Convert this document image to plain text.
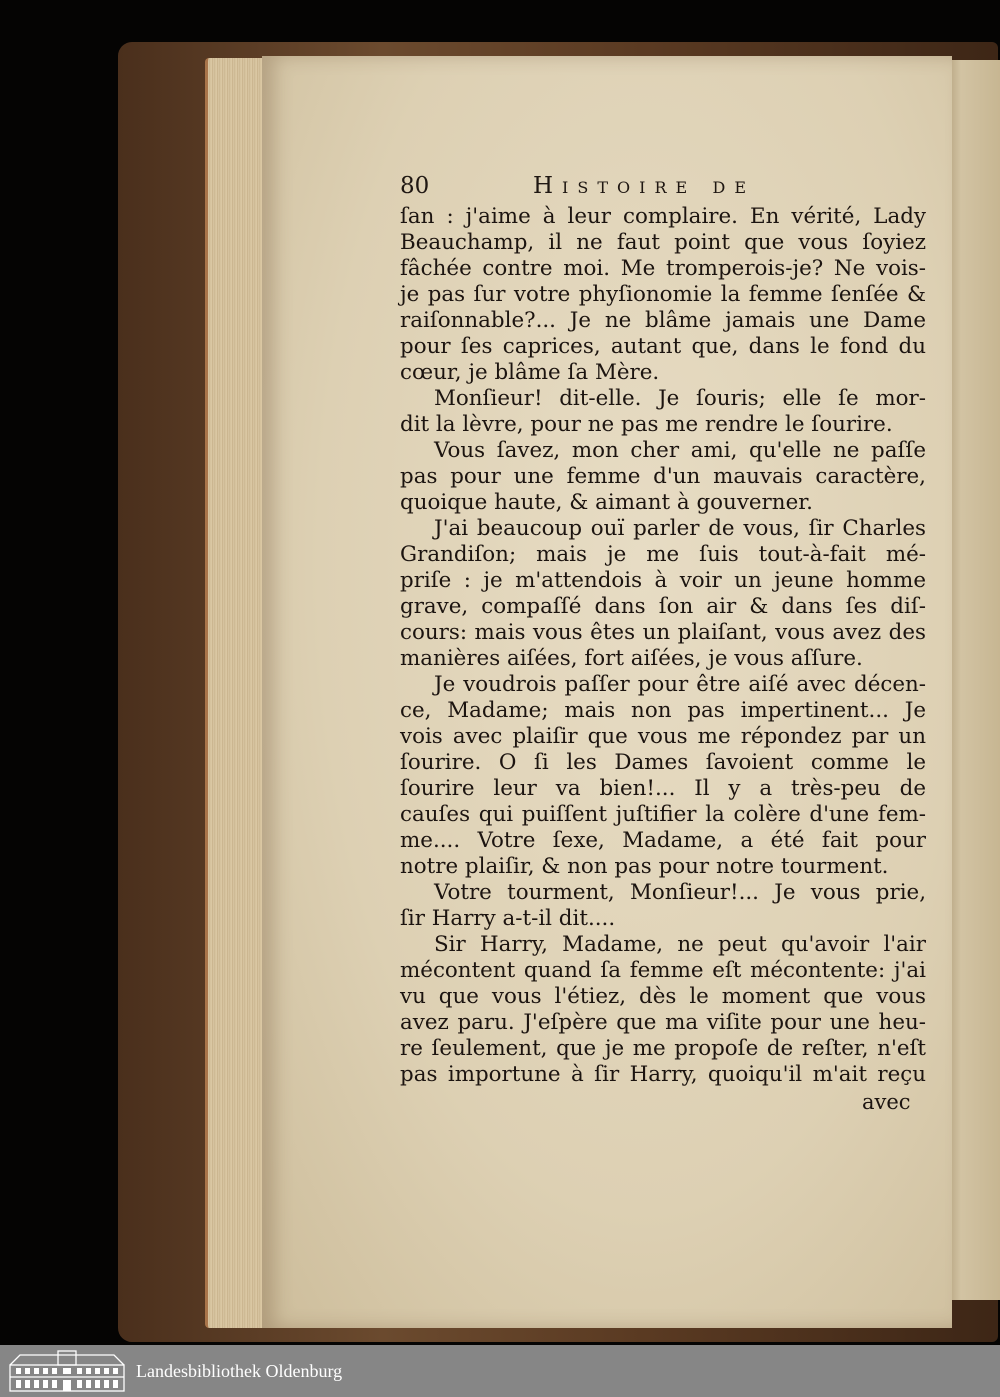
80	Histoire de
ſan : j'aime à leur complaire. En vérité, Lady
Beauchamp, il ne faut point que vous ſoyiez
fâchée contre moi. Me tromperois-je? Ne vois-
je pas ſur votre phyſionomie la femme ſenſée &
raiſonnable?... Je ne blâme jamais une Dame
pour ſes caprices, autant que, dans le fond du
cœur, je blâme ſa Mère.
Monſieur! dit-elle. Je ſouris; elle ſe mor-
dit la lèvre, pour ne pas me rendre le ſourire.
Vous ſavez, mon cher ami, qu'elle ne paſſe
pas pour une femme d'un mauvais caractère,
quoique haute, & aimant à gouverner.
J'ai beaucoup ouï parler de vous, ſir Charles
Grandiſon; mais je me ſuis tout-à-fait mé-
priſe : je m'attendois à voir un jeune homme
grave, compaſſé dans ſon air & dans ſes diſ-
cours: mais vous êtes un plaiſant, vous avez des
manières aiſées, fort aiſées, je vous aſſure.
Je voudrois paſſer pour être aiſé avec décen-
ce, Madame; mais non pas impertinent... Je
vois avec plaiſir que vous me répondez par un
ſourire. O ſi les Dames ſavoient comme le
ſourire leur va bien!... Il y a très-peu de
cauſes qui puiſſent juſtifier la colère d'une fem-
me.... Votre ſexe, Madame, a été fait pour
notre plaiſir, & non pas pour notre tourment.
Votre tourment, Monſieur!... Je vous prie,
ſir Harry a-t-il dit....
Sir Harry, Madame, ne peut qu'avoir l'air
mécontent quand ſa femme eſt mécontente: j'ai
vu que vous l'étiez, dès le moment que vous
avez paru. J'eſpère que ma viſite pour une heu-
re ſeulement, que je me propoſe de reſter, n'eſt
pas importune à ſir Harry, quoiqu'il m'ait reçu
avec
Landesbibliothek Oldenburg
